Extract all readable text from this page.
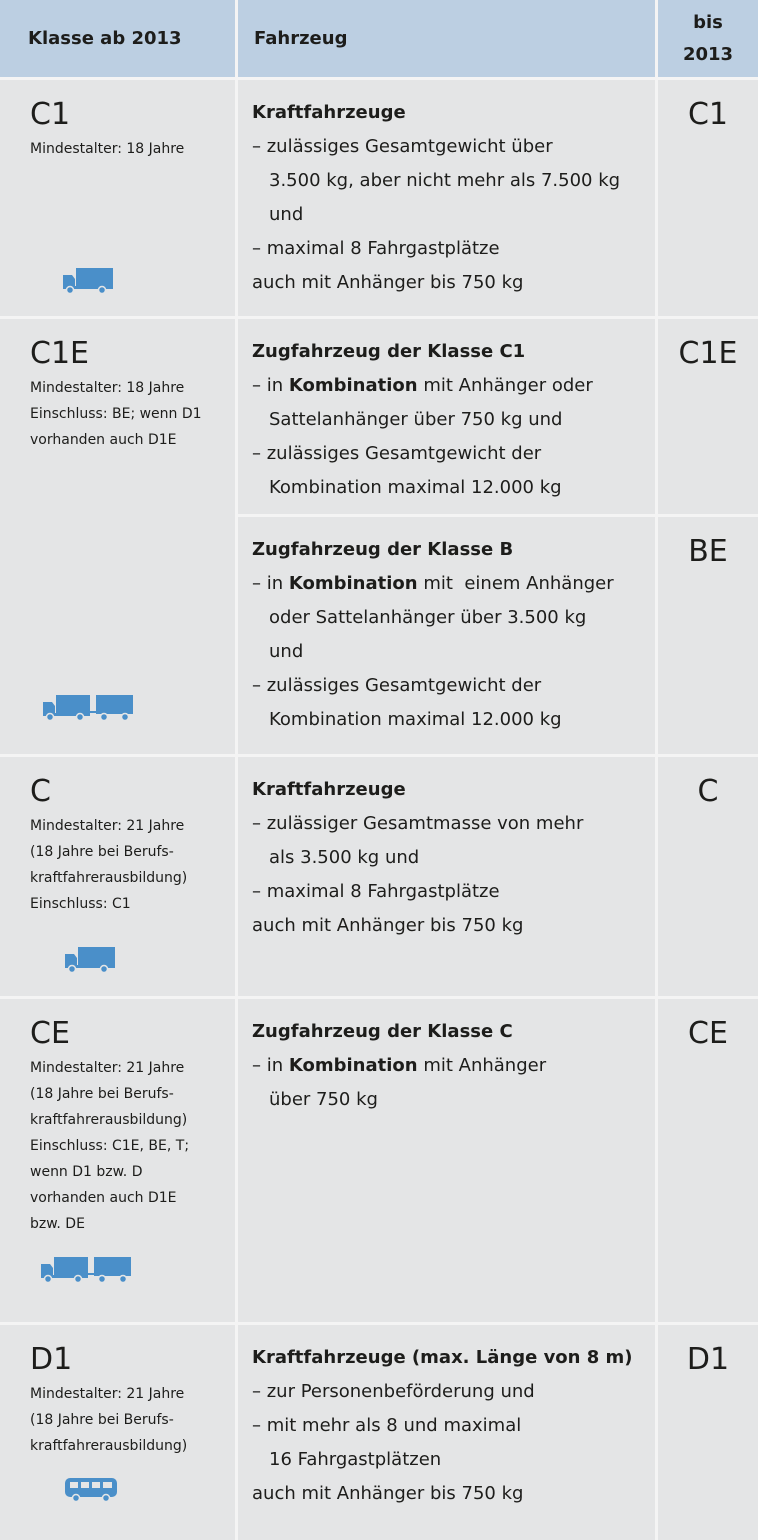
Klasse ab 2013	Fahrzeug
bis
2013
C1
Mindestalter: 18 Jahre
Kraftfahrzeuge
– zulässiges Gesamtgewicht über
3.500 kg, aber nicht mehr als 7.500 kg
und
– maximal 8 Fahrgastplätze
auch mit Anhänger bis 750 kg
C1
C1E
Mindestalter: 18 Jahre
Einschluss: BE; wenn D1
vorhanden auch D1E
Zugfahrzeug der Klasse C1
– in Kombination mit Anhänger oder
Sattelanhänger über 750 kg und
– zulässiges Gesamtgewicht der
Kombination maximal 12.000 kg
C1E
Zugfahrzeug der Klasse B
– in Kombination mit  einem Anhänger
oder Sattelanhänger über 3.500 kg
und
– zulässiges Gesamtgewicht der
Kombination maximal 12.000 kg
BE
C
Mindestalter: 21 Jahre
(18 Jahre bei Berufs-
kraftfahrerausbildung)
Einschluss: C1
Kraftfahrzeuge
– zulässiger Gesamtmasse von mehr
als 3.500 kg und
– maximal 8 Fahrgastplätze
auch mit Anhänger bis 750 kg
C
CE
Mindestalter: 21 Jahre
(18 Jahre bei Berufs-
kraftfahrerausbildung)
Einschluss: C1E, BE, T;
wenn D1 bzw. D
vorhanden auch D1E
bzw. DE
Zugfahrzeug der Klasse C
– in Kombination mit Anhänger
über 750 kg
CE
D1
Mindestalter: 21 Jahre
(18 Jahre bei Berufs-
kraftfahrerausbildung)
Kraftfahrzeuge (max. Länge von 8 m)
– zur Personenbeförderung und
– mit mehr als 8 und maximal
16 Fahrgastplätzen
auch mit Anhänger bis 750 kg
D1
